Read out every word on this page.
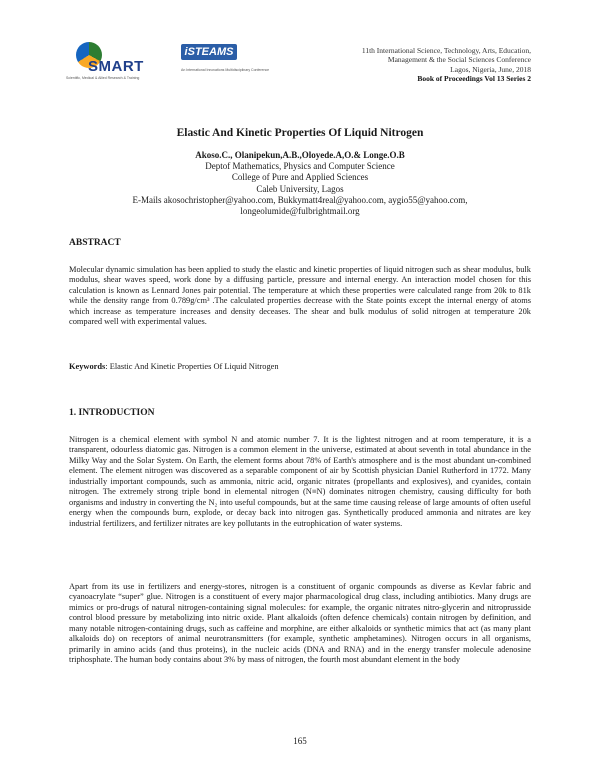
SMART
Scientific, Medical & Allied Research & Training
iSTEAMS
An International Innovations Multidisciplinary Conference
11th International Science, Technology, Arts, Education,
Management & the Social Sciences Conference
Lagos, Nigeria, June, 2018
Book of Proceedings Vol 13 Series 2
Elastic And Kinetic Properties Of Liquid Nitrogen
Akoso.C., Olanipekun,A.B.,Oloyede.A,O.& Longe.O.B
Deptof Mathematics, Physics and Computer Science
College of Pure and Applied Sciences
Caleb University, Lagos
E-Mails akosochristopher@yahoo.com, Bukkymatt4real@yahoo.com, aygio55@yahoo.com,
longeolumide@fulbrightmail.org
ABSTRACT
Molecular dynamic simulation has been applied to study the elastic and kinetic properties of liquid nitrogen such as shear modulus, bulk modulus, shear waves speed, work done by a diffusing particle, pressure and internal energy. An interaction model chosen for this calculation is known as Lennard Jones pair potential. The temperature at which these properties were calculated range from 20k to 81k while the density range from 0.789g/cm³ .The calculated properties decrease with the State points except the internal energy of atoms which increase as temperature increases and density deceases. The shear and bulk modulus of solid nitrogen at temperature 20k compared well with experimental values.
Keywords: Elastic And Kinetic Properties Of Liquid Nitrogen
1. INTRODUCTION
Nitrogen is a chemical element with symbol N and atomic number 7. It is the lightest nitrogen and at room temperature, it is a transparent, odourless diatomic gas. Nitrogen is a common element in the universe, estimated at about seventh in total abundance in the Milky Way and the Solar System. On Earth, the element forms about 78% of Earth's atmosphere and is the most abundant un-combined element. The element nitrogen was discovered as a separable component of air by Scottish physician Daniel Rutherford in 1772. Many industrially important compounds, such as ammonia, nitric acid, organic nitrates (propellants and explosives), and cyanides, contain nitrogen. The extremely strong triple bond in elemental nitrogen (N≡N) dominates nitrogen chemistry, causing difficulty for both organisms and industry in converting the N₂ into useful compounds, but at the same time causing release of large amounts of often useful energy when the compounds burn, explode, or decay back into nitrogen gas. Synthetically produced ammonia and nitrates are key industrial fertilizers, and fertilizer nitrates are key pollutants in the eutrophication of water systems.
Apart from its use in fertilizers and energy-stores, nitrogen is a constituent of organic compounds as diverse as Kevlar fabric and cyanoacrylate “super” glue. Nitrogen is a constituent of every major pharmacological drug class, including antibiotics. Many drugs are mimics or pro-drugs of natural nitrogen-containing signal molecules: for example, the organic nitrates nitro-glycerin and nitroprusside control blood pressure by metabolizing into nitric oxide. Plant alkaloids (often defence chemicals) contain nitrogen by definition, and many notable nitrogen-containing drugs, such as caffeine and morphine, are either alkaloids or synthetic mimics that act (as many plant alkaloids do) on receptors of animal neurotransmitters (for example, synthetic amphetamines). Nitrogen occurs in all organisms, primarily in amino acids (and thus proteins), in the nucleic acids (DNA and RNA) and in the energy transfer molecule adenosine triphosphate. The human body contains about 3% by mass of nitrogen, the fourth most abundant element in the body
165
